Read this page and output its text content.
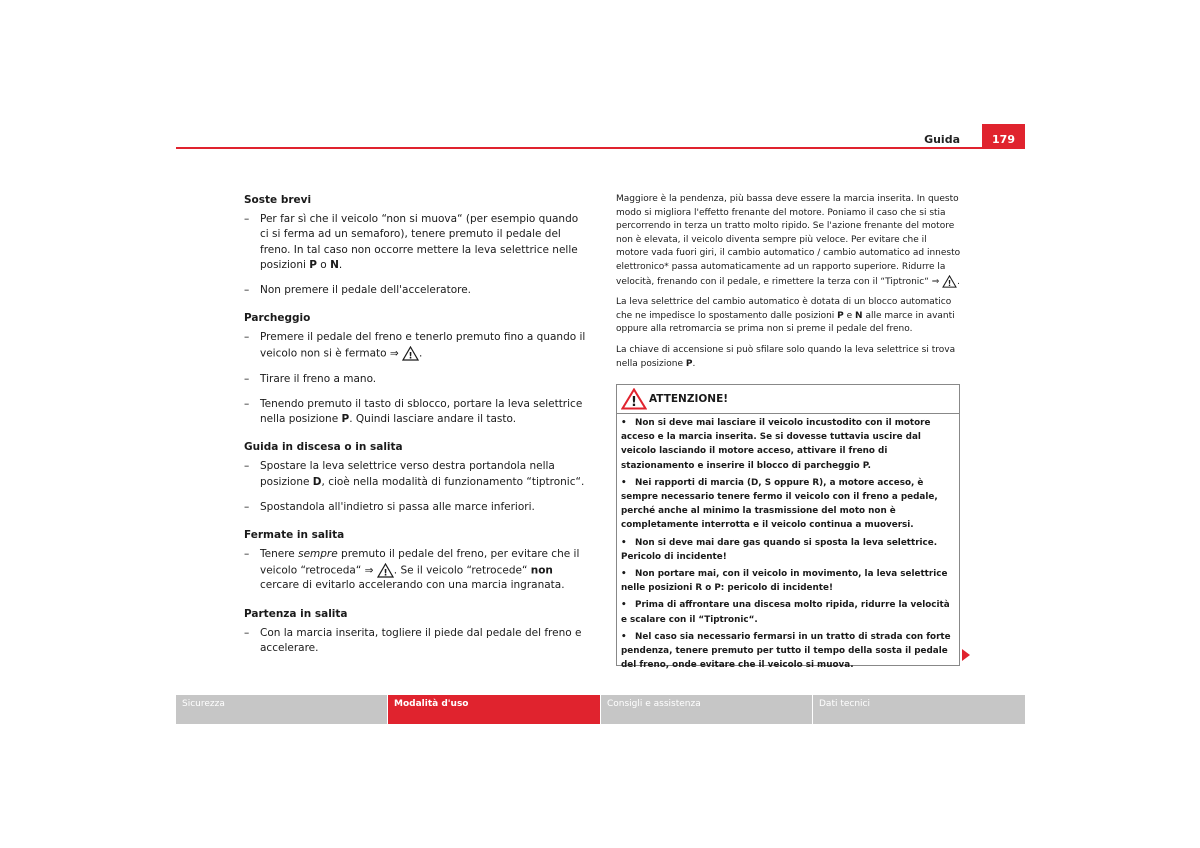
Guida	179
Soste brevi
– Per far sì che il veicolo “non si muova“ (per esempio quando ci si ferma ad un semaforo), tenere premuto il pedale del freno. In tal caso non occorre mettere la leva selettrice nelle posizioni P o N.
– Non premere il pedale dell'acceleratore.
Parcheggio
– Premere il pedale del freno e tenerlo premuto fino a quando il veicolo non si è fermato ⇒ ! .
– Tirare il freno a mano.
– Tenendo premuto il tasto di sblocco, portare la leva selettrice nella posizione P. Quindi lasciare andare il tasto.
Guida in discesa o in salita
– Spostare la leva selettrice verso destra portandola nella posizione D, cioè nella modalità di funzionamento “tiptronic“.
– Spostandola all'indietro si passa alle marce inferiori.
Fermate in salita
– Tenere sempre premuto il pedale del freno, per evitare che il veicolo “retroceda“ ⇒ ! . Se il veicolo “retrocede“ non cercare di evitarlo accelerando con una marcia ingranata.
Partenza in salita
– Con la marcia inserita, togliere il piede dal pedale del freno e accelerare.

Maggiore è la pendenza, più bassa deve essere la marcia inserita. In questo modo si migliora l'effetto frenante del motore. Poniamo il caso che si stia percorrendo in terza un tratto molto ripido. Se l'azione frenante del motore non è elevata, il veicolo diventa sempre più veloce. Per evitare che il motore vada fuori giri, il cambio automatico / cambio automatico ad innesto elettronico* passa automaticamente ad un rapporto superiore. Ridurre la velocità, frenando con il pedale, e rimettere la terza con il “Tiptronic“ ⇒ ! .

La leva selettrice del cambio automatico è dotata di un blocco automatico che ne impedisce lo spostamento dalle posizioni P e N alle marce in avanti oppure alla retromarcia se prima non si preme il pedale del freno.

La chiave di accensione si può sfilare solo quando la leva selettrice si trova nella posizione P.

! ATTENZIONE!
• Non si deve mai lasciare il veicolo incustodito con il motore acceso e la marcia inserita. Se si dovesse tuttavia uscire dal veicolo lasciando il motore acceso, attivare il freno di stazionamento e inserire il blocco di parcheggio P.
• Nei rapporti di marcia (D, S oppure R), a motore acceso, è sempre necessario tenere fermo il veicolo con il freno a pedale, perché anche al minimo la trasmissione del moto non è completamente interrotta e il veicolo continua a muoversi.
• Non si deve mai dare gas quando si sposta la leva selettrice. Pericolo di incidente!
• Non portare mai, con il veicolo in movimento, la leva selettrice nelle posizioni R o P: pericolo di incidente!
• Prima di affrontare una discesa molto ripida, ridurre la velocità e scalare con il “Tiptronic“.
• Nel caso sia necessario fermarsi in un tratto di strada con forte pendenza, tenere premuto per tutto il tempo della sosta il pedale del freno, onde evitare che il veicolo si muova.
Sicurezza	Modalità d'uso	Consigli e assistenza	Dati tecnici
